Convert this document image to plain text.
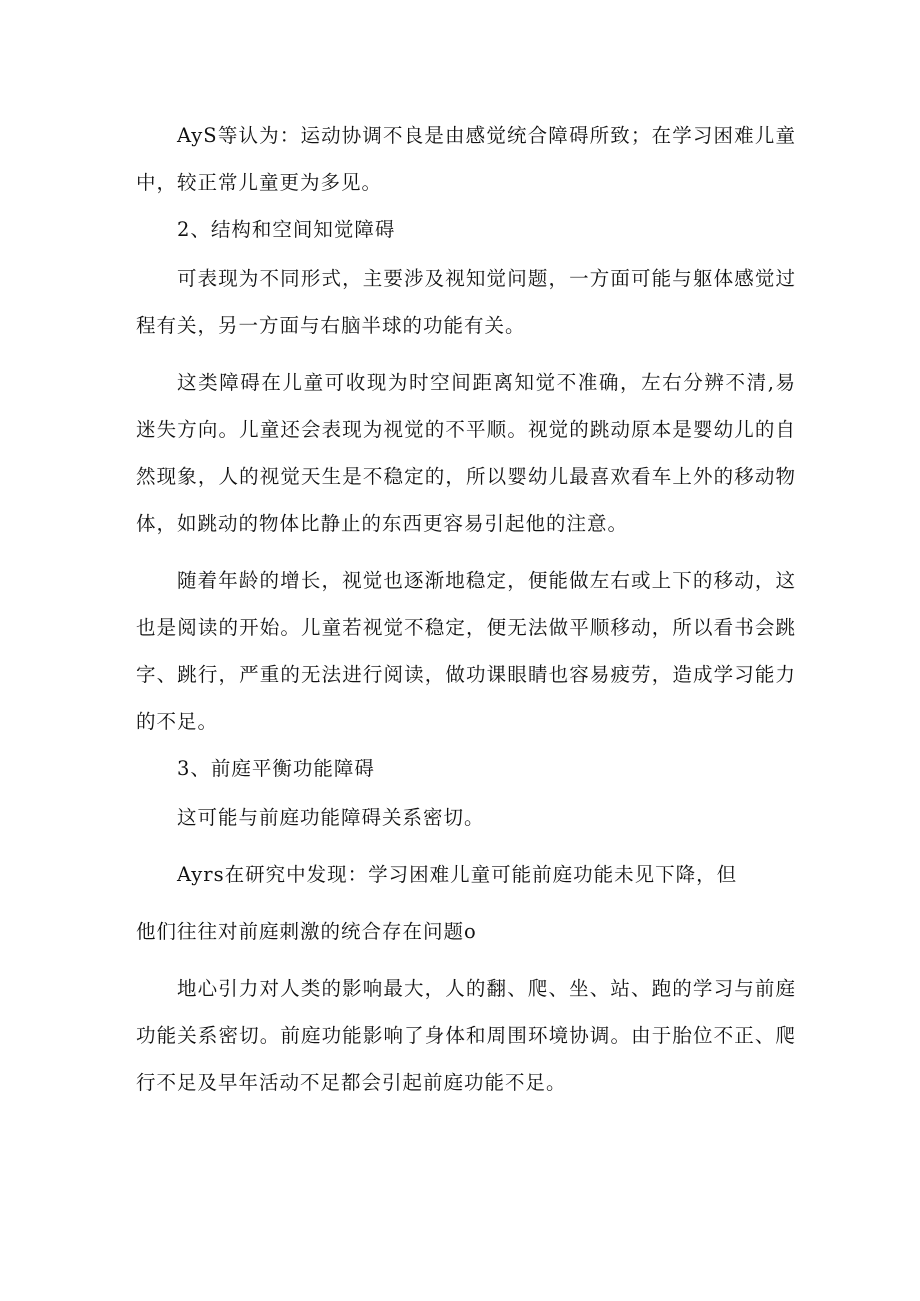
AyS等认为：运动协调不良是由感觉统合障碍所致；在学习困难儿童中，较正常儿童更为多见。

2、结构和空间知觉障碍

可表现为不同形式，主要涉及视知觉问题，一方面可能与躯体感觉过程有关，另一方面与右脑半球的功能有关。

这类障碍在儿童可收现为时空间距离知觉不准确，左右分辨不清,易迷失方向。儿童还会表现为视觉的不平顺。视觉的跳动原本是婴幼儿的自然现象，人的视觉天生是不稳定的，所以婴幼儿最喜欢看车上外的移动物体，如跳动的物体比静止的东西更容易引起他的注意。

随着年龄的增长，视觉也逐渐地稳定，便能做左右或上下的移动，这也是阅读的开始。儿童若视觉不稳定，便无法做平顺移动，所以看书会跳字、跳行，严重的无法进行阅读，做功课眼睛也容易疲劳，造成学习能力的不足。

3、前庭平衡功能障碍

这可能与前庭功能障碍关系密切。

Ayrs在研究中发现：学习困难儿童可能前庭功能未见下降，但

他们往往对前庭刺激的统合存在问题o

地心引力对人类的影响最大，人的翻、爬、坐、站、跑的学习与前庭功能关系密切。前庭功能影响了身体和周围环境协调。由于胎位不正、爬行不足及早年活动不足都会引起前庭功能不足。
